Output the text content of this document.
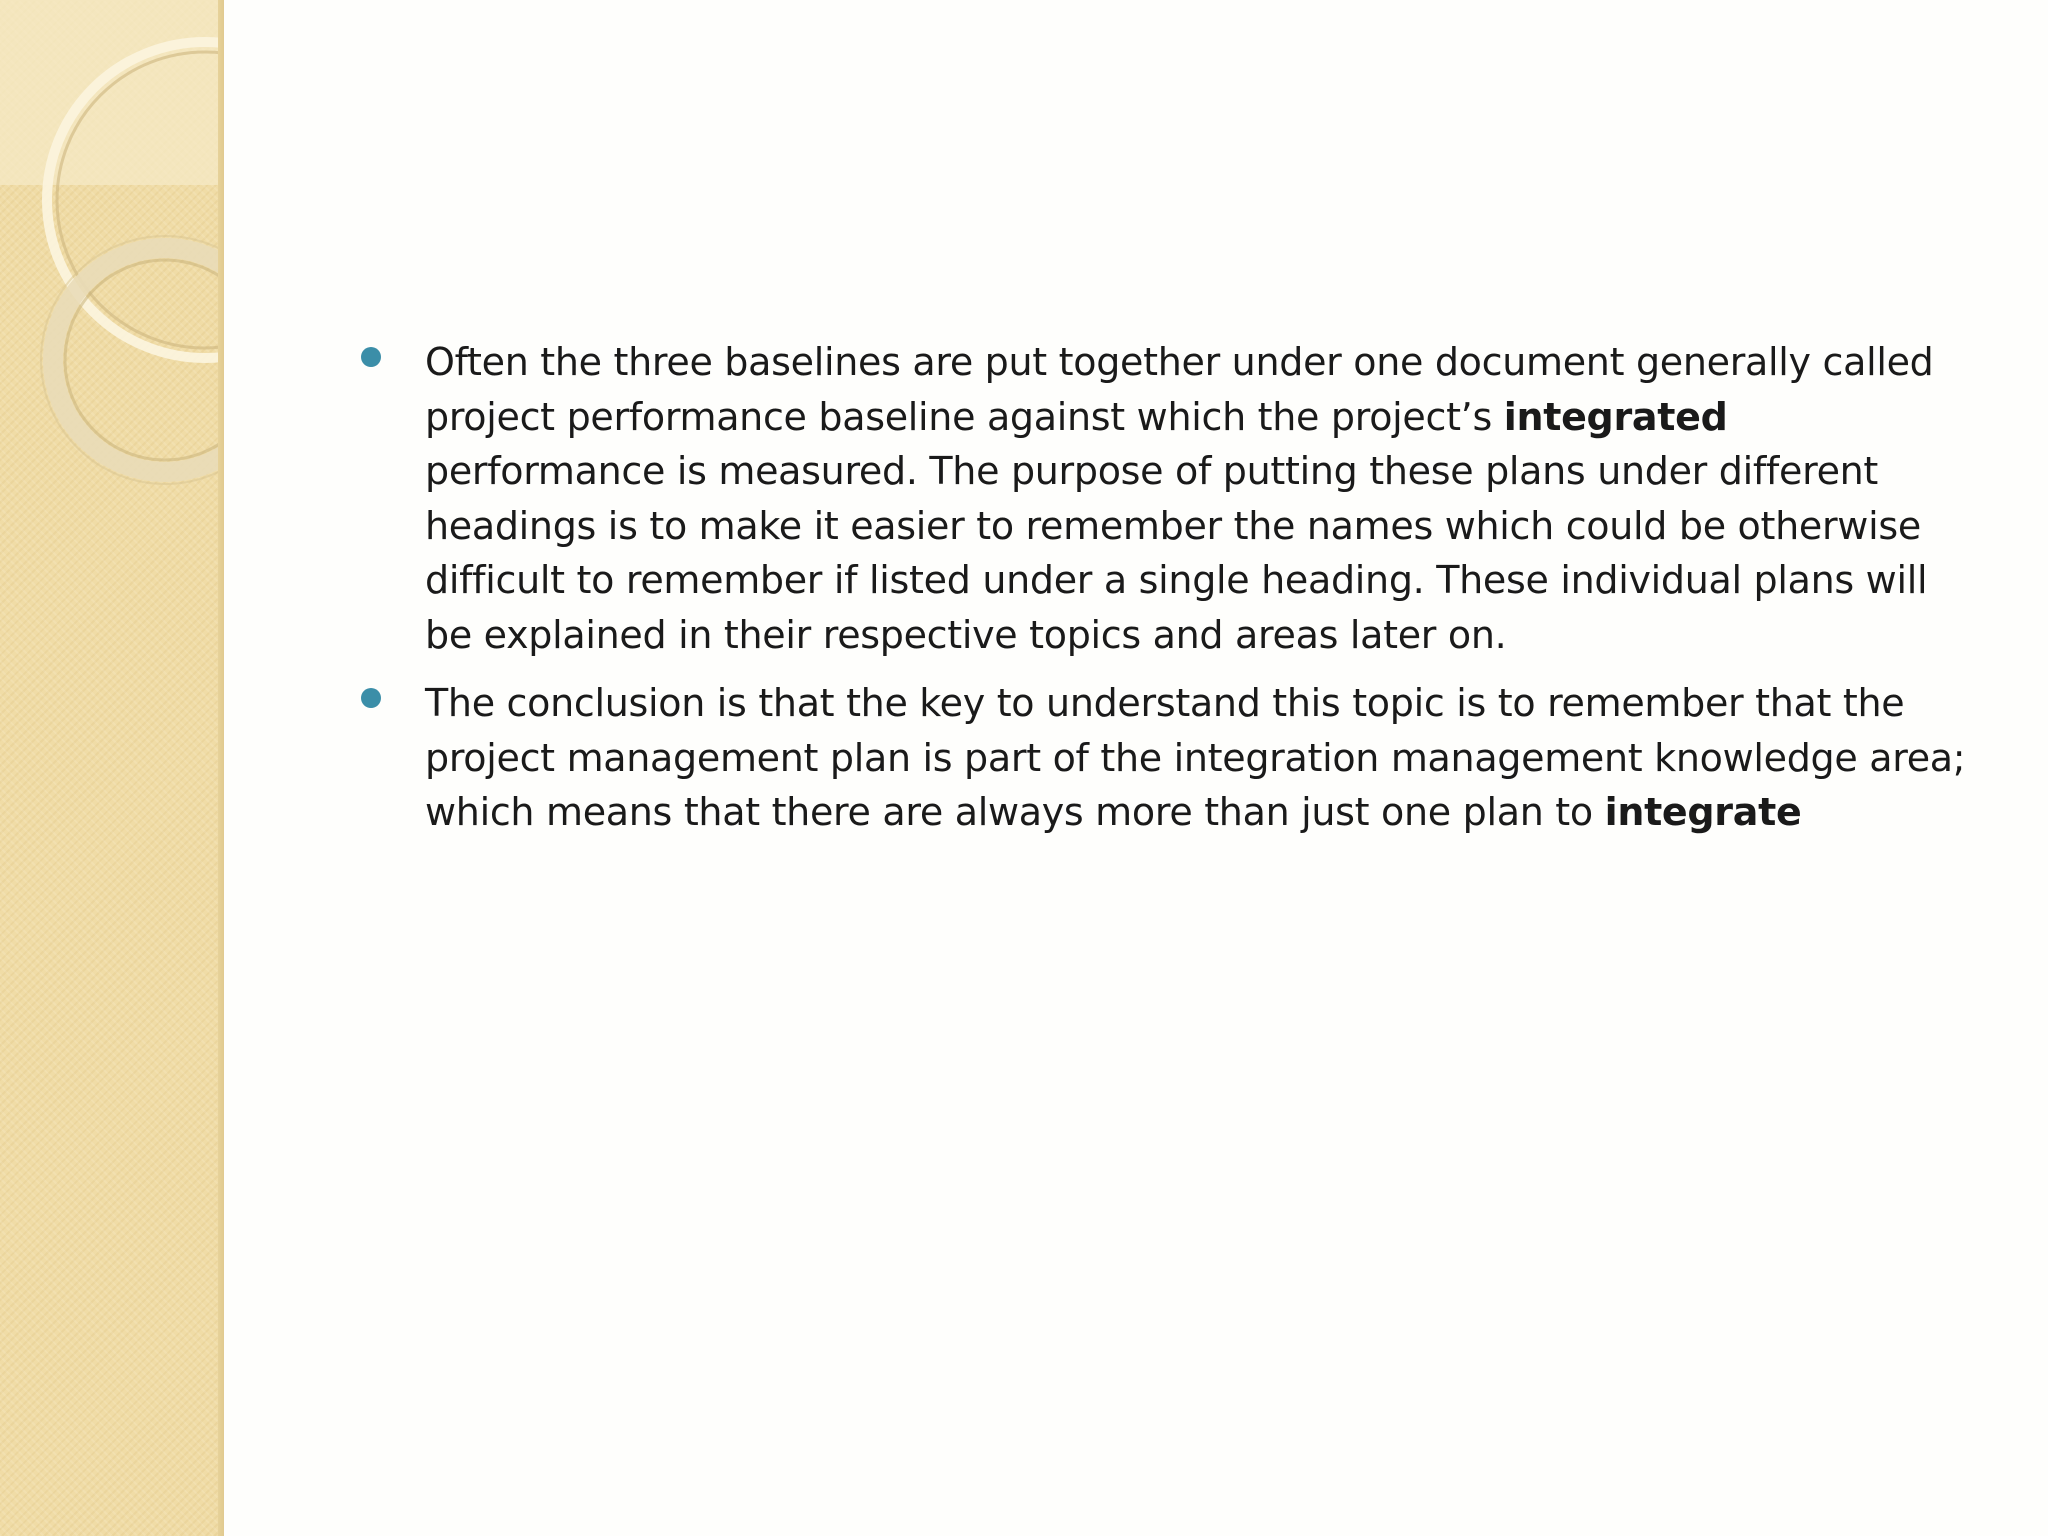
Often the three baselines are put together under one document generally called project performance baseline against which the project’s integrated performance is measured. The purpose of putting these plans under different headings is to make it easier to remember the names which could be otherwise difficult to remember if listed under a single heading. These individual plans will be explained in their respective topics and areas later on.

The conclusion is that the key to understand this topic is to remember that the project management plan is part of the integration management knowledge area; which means that there are always more than just one plan to integrate
